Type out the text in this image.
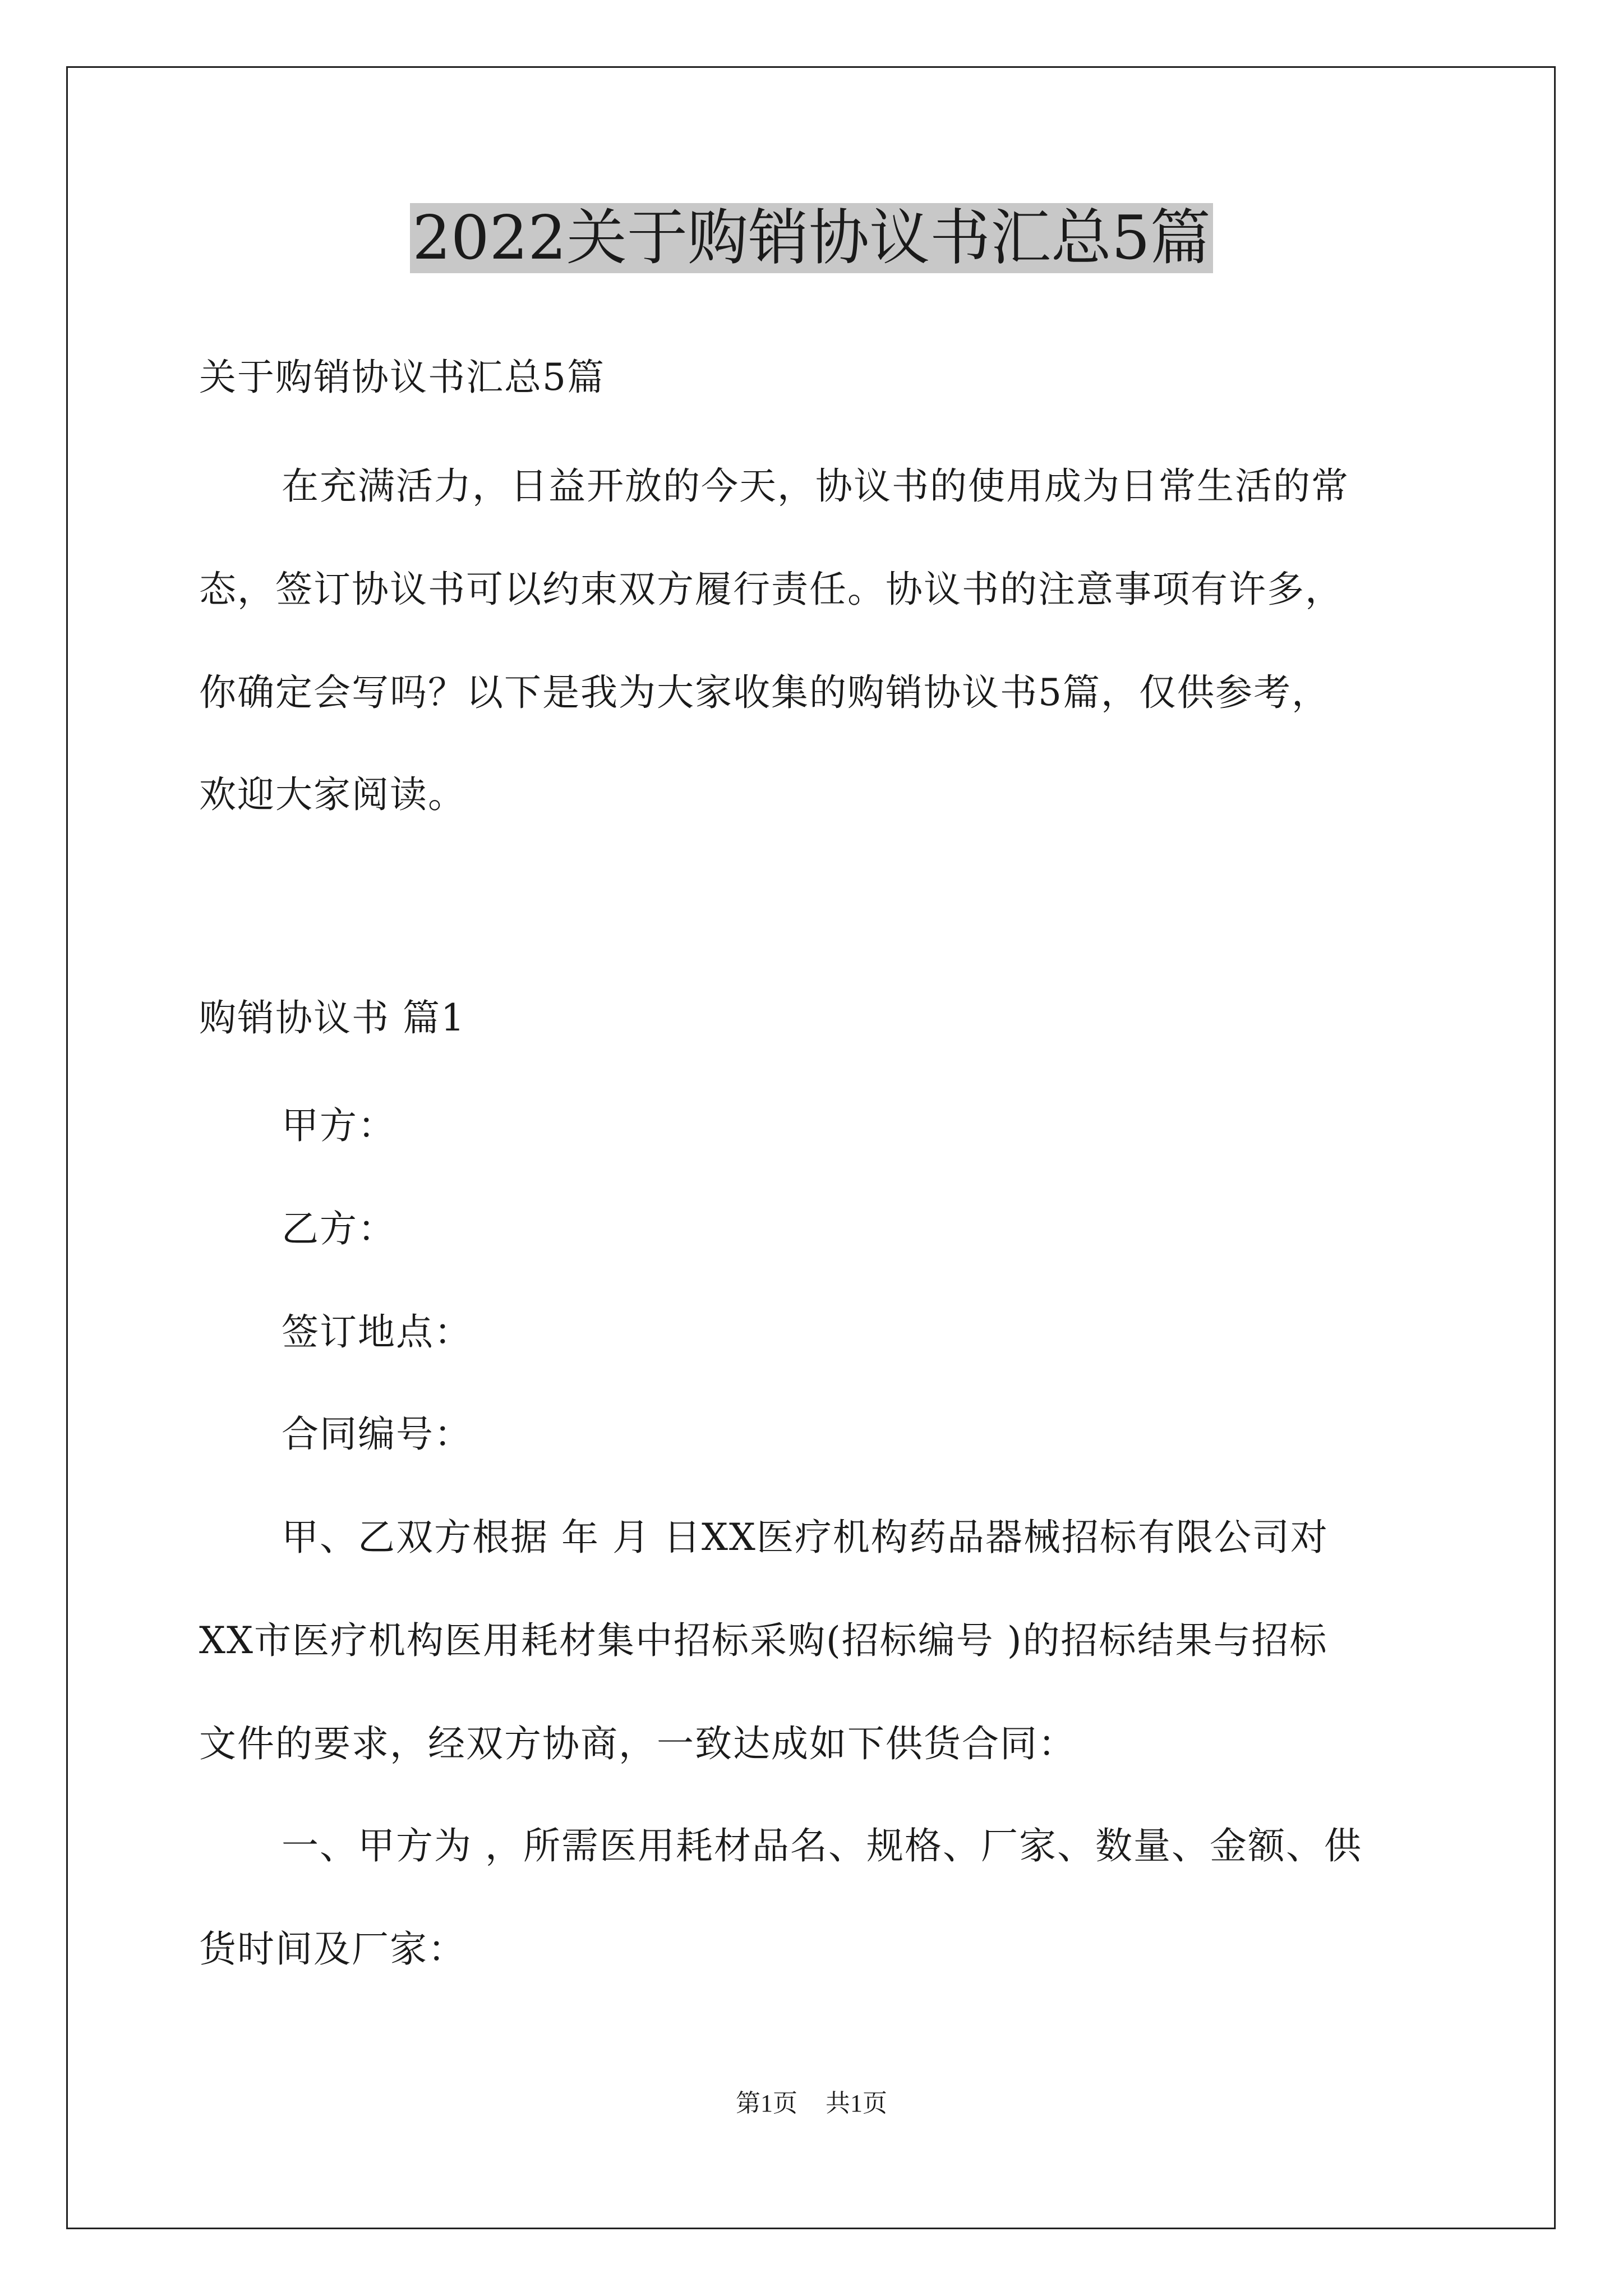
2022关于购销协议书汇总5篇
关于购销协议书汇总5篇
在充满活力，日益开放的今天，协议书的使用成为日常生活的常
态，签订协议书可以约束双方履行责任。协议书的注意事项有许多，
你确定会写吗？以下是我为大家收集的购销协议书5篇，仅供参考，
欢迎大家阅读。
购销协议书 篇1
甲方：
乙方：
签订地点：
合同编号：
甲、乙双方根据 年 月 日XX医疗机构药品器械招标有限公司对
XX市医疗机构医用耗材集中招标采购(招标编号 )的招标结果与招标
文件的要求，经双方协商，一致达成如下供货合同：
一、甲方为 ，所需医用耗材品名、规格、厂家、数量、金额、供
货时间及厂家：
第1页 共1页
